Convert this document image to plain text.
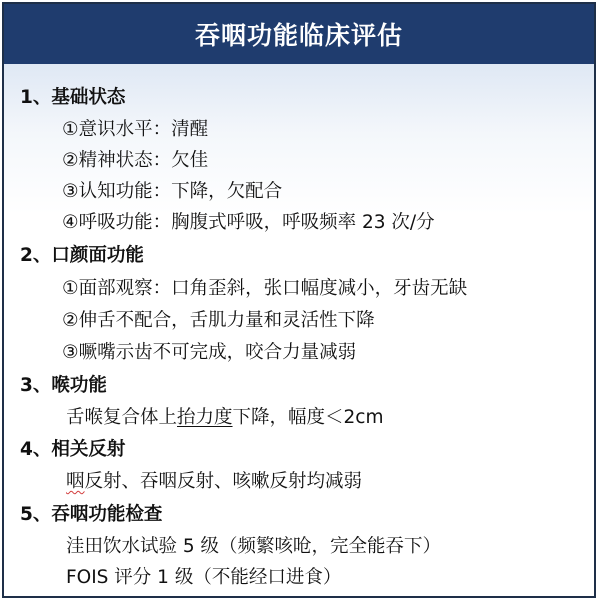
吞咽功能临床评估
1、基础状态
①意识水平：清醒
②精神状态：欠佳
③认知功能：下降，欠配合
④呼吸功能：胸腹式呼吸，呼吸频率 23 次/分
2、口颜面功能
①面部观察：口角歪斜，张口幅度减小，牙齿无缺
②伸舌不配合，舌肌力量和灵活性下降
③噘嘴示齿不可完成，咬合力量减弱
3、喉功能
舌喉复合体上抬力度下降，幅度＜2cm
4、相关反射
咽反射、吞咽反射、咳嗽反射均减弱
5、吞咽功能检查
洼田饮水试验 5 级（频繁咳呛，完全能吞下）
FOIS 评分 1 级（不能经口进食）
